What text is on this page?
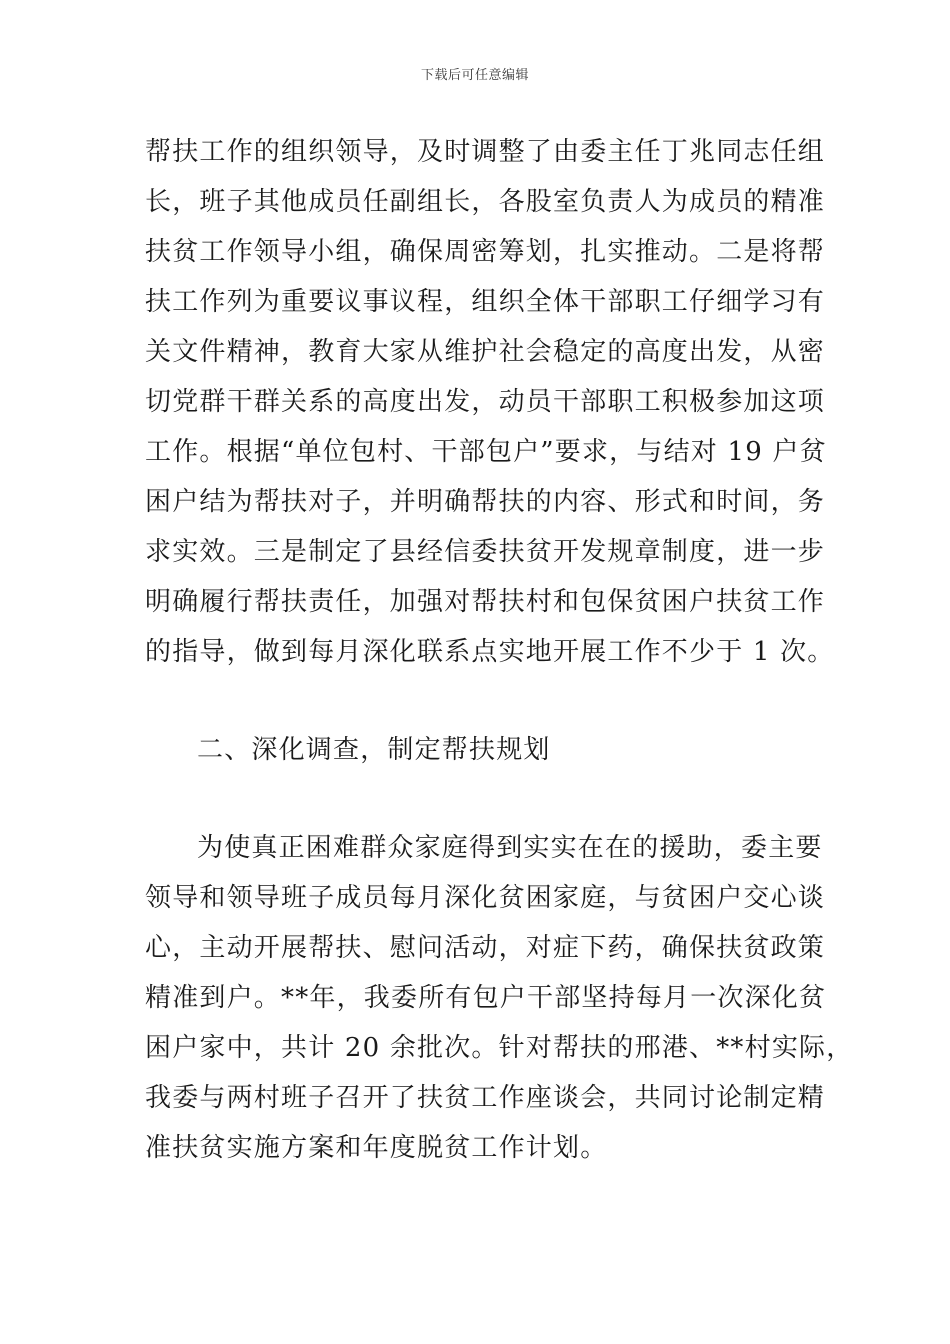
下载后可任意编辑
帮扶工作的组织领导，及时调整了由委主任丁兆同志任组
长，班子其他成员任副组长，各股室负责人为成员的精准
扶贫工作领导小组，确保周密筹划，扎实推动。二是将帮
扶工作列为重要议事议程，组织全体干部职工仔细学习有
关文件精神，教育大家从维护社会稳定的高度出发，从密
切党群干群关系的高度出发，动员干部职工积极参加这项
工作。根据“单位包村、干部包户”要求，与结对 19 户贫
困户结为帮扶对子，并明确帮扶的内容、形式和时间，务
求实效。三是制定了县经信委扶贫开发规章制度，进一步
明确履行帮扶责任，加强对帮扶村和包保贫困户扶贫工作
的指导，做到每月深化联系点实地开展工作不少于 1 次。
二、深化调查，制定帮扶规划
为使真正困难群众家庭得到实实在在的援助，委主要
领导和领导班子成员每月深化贫困家庭，与贫困户交心谈
心，主动开展帮扶、慰问活动，对症下药，确保扶贫政策
精准到户。**年，我委所有包户干部坚持每月一次深化贫
困户家中，共计 20 余批次。针对帮扶的邢港、**村实际，
我委与两村班子召开了扶贫工作座谈会，共同讨论制定精
准扶贫实施方案和年度脱贫工作计划。
